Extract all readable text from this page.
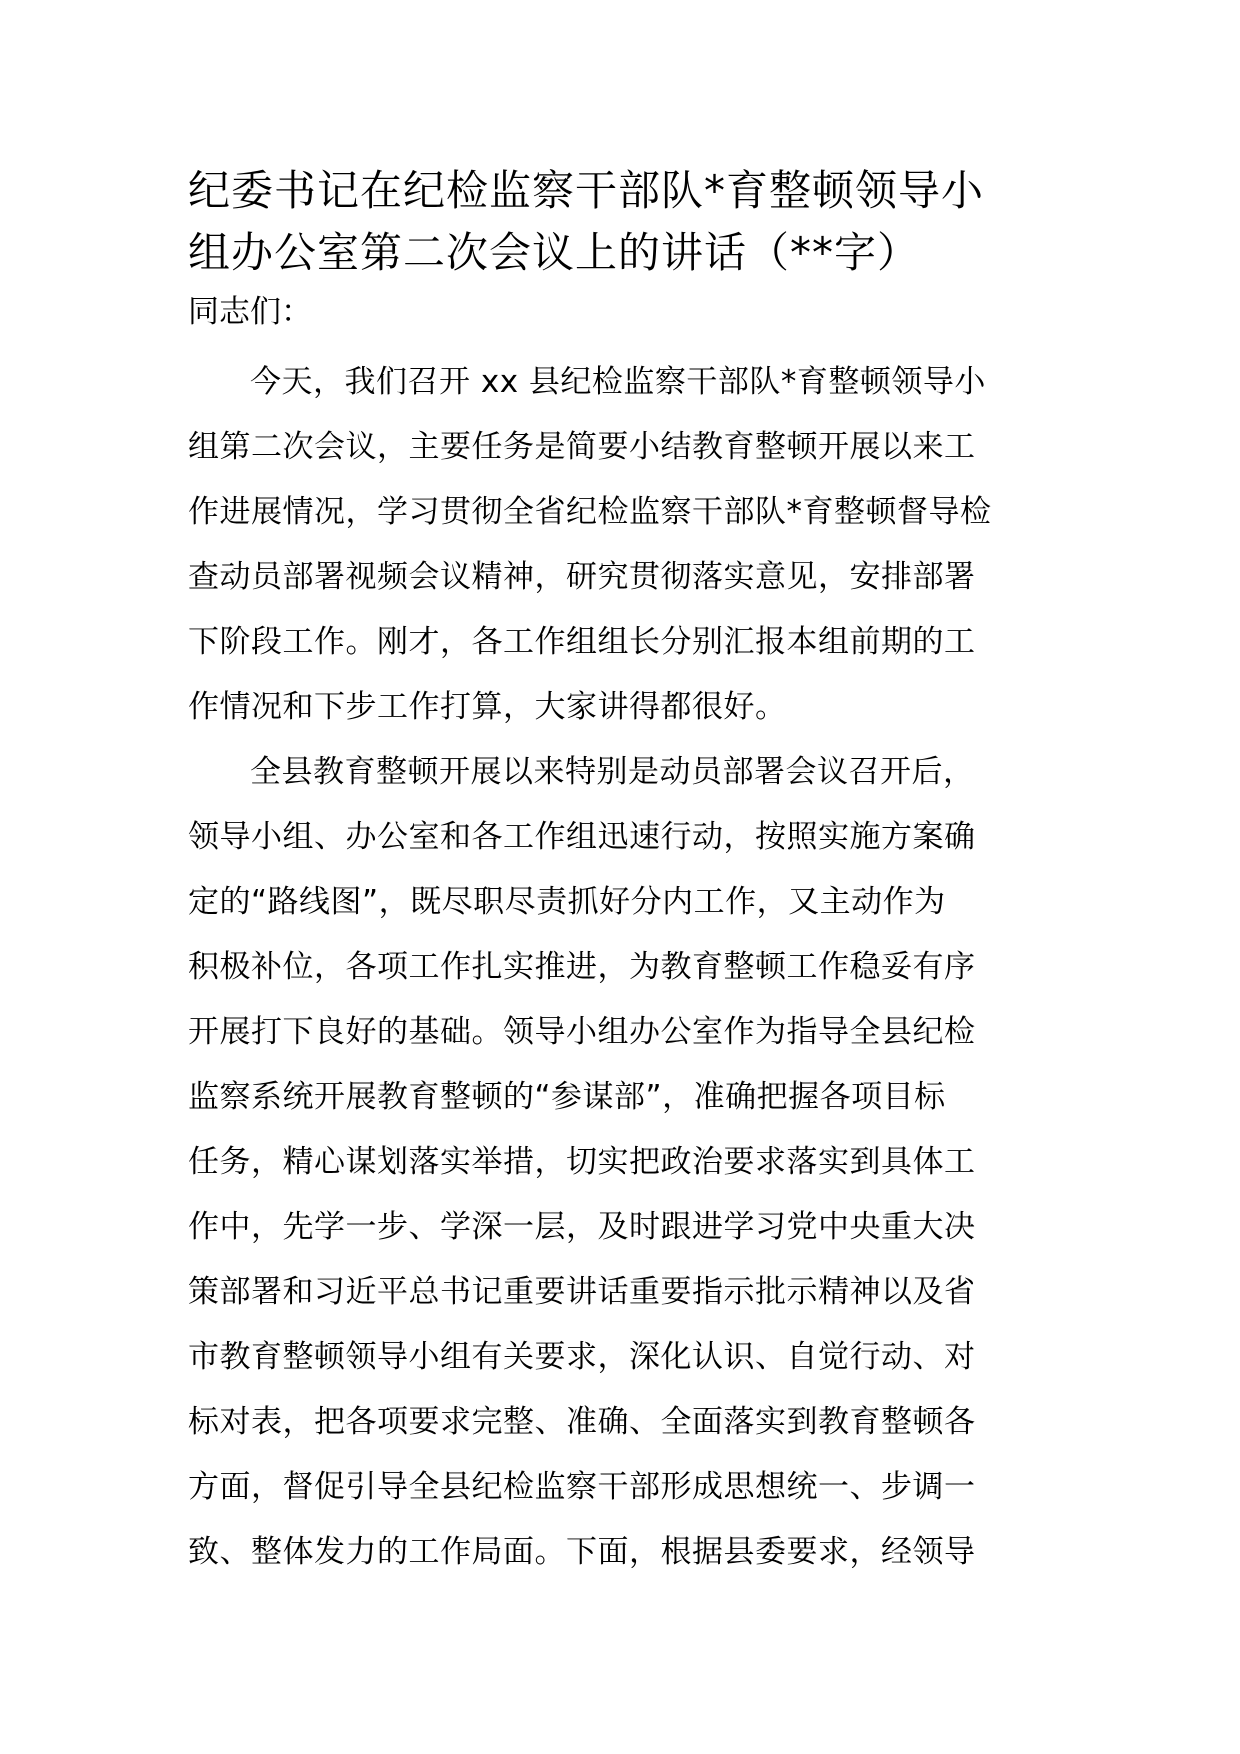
纪委书记在纪检监察干部队*育整顿领导小
组办公室第二次会议上的讲话（**字）
同志们：
今天，我们召开 xx 县纪检监察干部队*育整顿领导小
组第二次会议，主要任务是简要小结教育整顿开展以来工
作进展情况，学习贯彻全省纪检监察干部队*育整顿督导检
查动员部署视频会议精神，研究贯彻落实意见，安排部署
下阶段工作。刚才，各工作组组长分别汇报本组前期的工
作情况和下步工作打算，大家讲得都很好。
全县教育整顿开展以来特别是动员部署会议召开后，
领导小组、办公室和各工作组迅速行动，按照实施方案确
定的“路线图”，既尽职尽责抓好分内工作，又主动作为
积极补位，各项工作扎实推进，为教育整顿工作稳妥有序
开展打下良好的基础。领导小组办公室作为指导全县纪检
监察系统开展教育整顿的“参谋部”，准确把握各项目标
任务，精心谋划落实举措，切实把政治要求落实到具体工
作中，先学一步、学深一层，及时跟进学习党中央重大决
策部署和习近平总书记重要讲话重要指示批示精神以及省
市教育整顿领导小组有关要求，深化认识、自觉行动、对
标对表，把各项要求完整、准确、全面落实到教育整顿各
方面，督促引导全县纪检监察干部形成思想统一、步调一
致、整体发力的工作局面。下面，根据县委要求，经领导
